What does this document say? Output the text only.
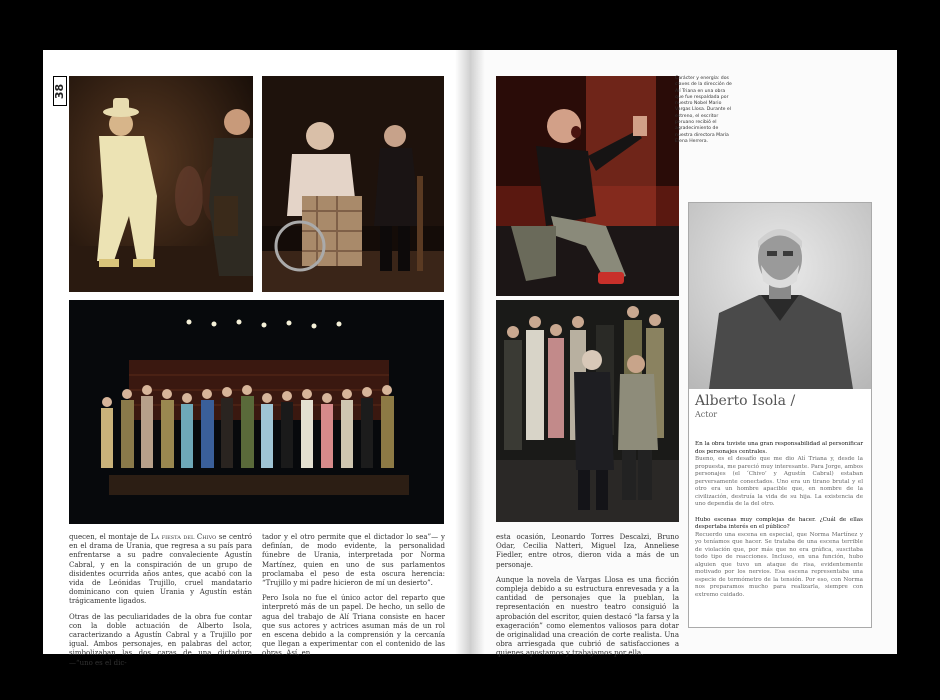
38

quecen, el montaje de La fiesta del Chivo se centró en el drama de Urania, que regresa a su país para enfrentarse a su padre convaleciente Agustín Cabral, y en la conspiración de un grupo de disidentes ocurrida años antes, que acabó con la vida de Leónidas Trujillo, cruel mandatario dominicano con quien Urania y Agustín están trágicamente ligados.

Otras de las peculiaridades de la obra fue contar con la doble actuación de Alberto Isola, caracterizando a Agustín Cabral y a Trujillo por igual. Ambos personajes, en palabras del actor, simbolizaban las dos caras de una dictadura —“uno es el dic-

tador y el otro permite que el dictador lo sea”— y definían, de modo evidente, la personalidad fúnebre de Urania, interpretada por Norma Martínez, quien en uno de sus parlamentos proclamaba el peso de esta oscura herencia: “Trujillo y mi padre hicieron de mí un desierto”.

Pero Isola no fue el único actor del reparto que interpretó más de un papel. De hecho, un sello de agua del trabajo de Alí Triana consiste en hacer que sus actores y actrices asuman más de un rol en escena debido a la comprensión y la cercanía que llegan a experimentar con el contenido de las obras. Así, en

Carácter y energía: dos claves de la dirección de Alí Triana en una obra que fue respaldada por nuestro Nobel Mario Vargas Llosa. Durante el estreno, el escritor peruano recibió el agradecimiento de nuestra directora María Elena Herrera.
Alberto Isola /
Actor

En la obra tuviste una gran responsabilidad al personificar dos personajes centrales.

Bueno, es el desafío que me dio Alí Triana y, desde la propuesta, me pareció muy interesante. Para Jorge, ambos personajes (el ‘Chivo’ y Agustín Cabral) estaban perversamente conectados. Uno era un tirano brutal y el otro era un hombre apacible que, en nombre de la civilización, destruía la vida de su hija. La existencia de uno dependía de la del otro.

Hubo escenas muy complejas de hacer. ¿Cuál de ellas despertaba interés en el público?

Recuerdo una escena en especial, que Norma Martínez y yo teníamos que hacer. Se trataba de una escena terrible de violación que, por más que no era gráfica, suscitaba todo tipo de reacciones. Incluso, en una función, hubo alguien que tuvo un ataque de risa, evidentemente motivado por los nervios. Esa escena representaba una especie de termómetro de la tensión. Por eso, con Norma nos preparamos mucho para realizarla, siempre con extremo cuidado.

esta ocasión, Leonardo Torres Descalzi, Bruno Odar, Cecilia Natteri, Miguel Iza, Anneliese Fiedler, entre otros, dieron vida a más de un personaje.

Aunque la novela de Vargas Llosa es una ficción compleja debido a su estructura enrevesada y a la cantidad de personajes que la pueblan, la representación en nuestro teatro consiguió la aprobación del escritor, quien destacó “la farsa y la exageración” como elementos valiosos para dotar de originalidad una creación de corte realista. Una obra arriesgada que cubrió de satisfacciones a quienes apostamos y trabajamos por ella.
